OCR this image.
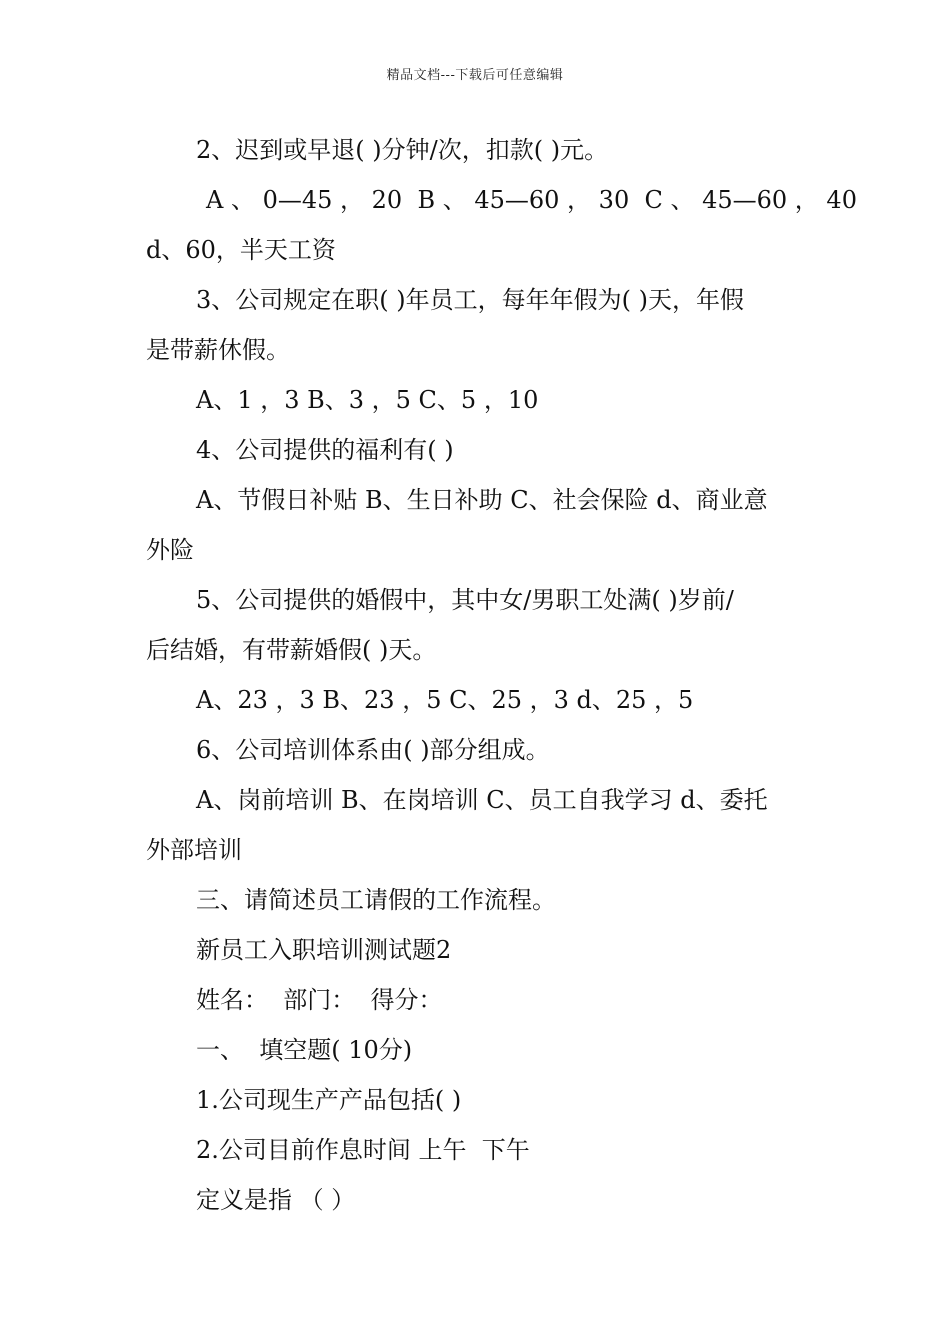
精品文档---下载后可任意编辑
2、迟到或早退( )分钟/次，扣款( )元。
A 、 0—45 ， 20  B 、 45—60 ， 30  C 、 45—60 ， 40
d、60，半天工资
3、公司规定在职( )年员工，每年年假为( )天，年假
是带薪休假。
A、1 ，3 B、3 ，5 C、5 ，10
4、公司提供的福利有( )
A、节假日补贴 B、生日补助 C、社会保险 d、商业意
外险
5、公司提供的婚假中，其中女/男职工处满( )岁前/
后结婚，有带薪婚假( )天。
A、23 ，3 B、23 ，5 C、25 ，3 d、25 ，5
6、公司培训体系由( )部分组成。
A、岗前培训 B、在岗培训 C、员工自我学习 d、委托
外部培训
三、请简述员工请假的工作流程。
新员工入职培训测试题2
姓名：  部门：  得分：
一、  填空题( 10分)
1.公司现生产产品包括( )
2.公司目前作息时间 上午  下午
定义是指 （ ）
